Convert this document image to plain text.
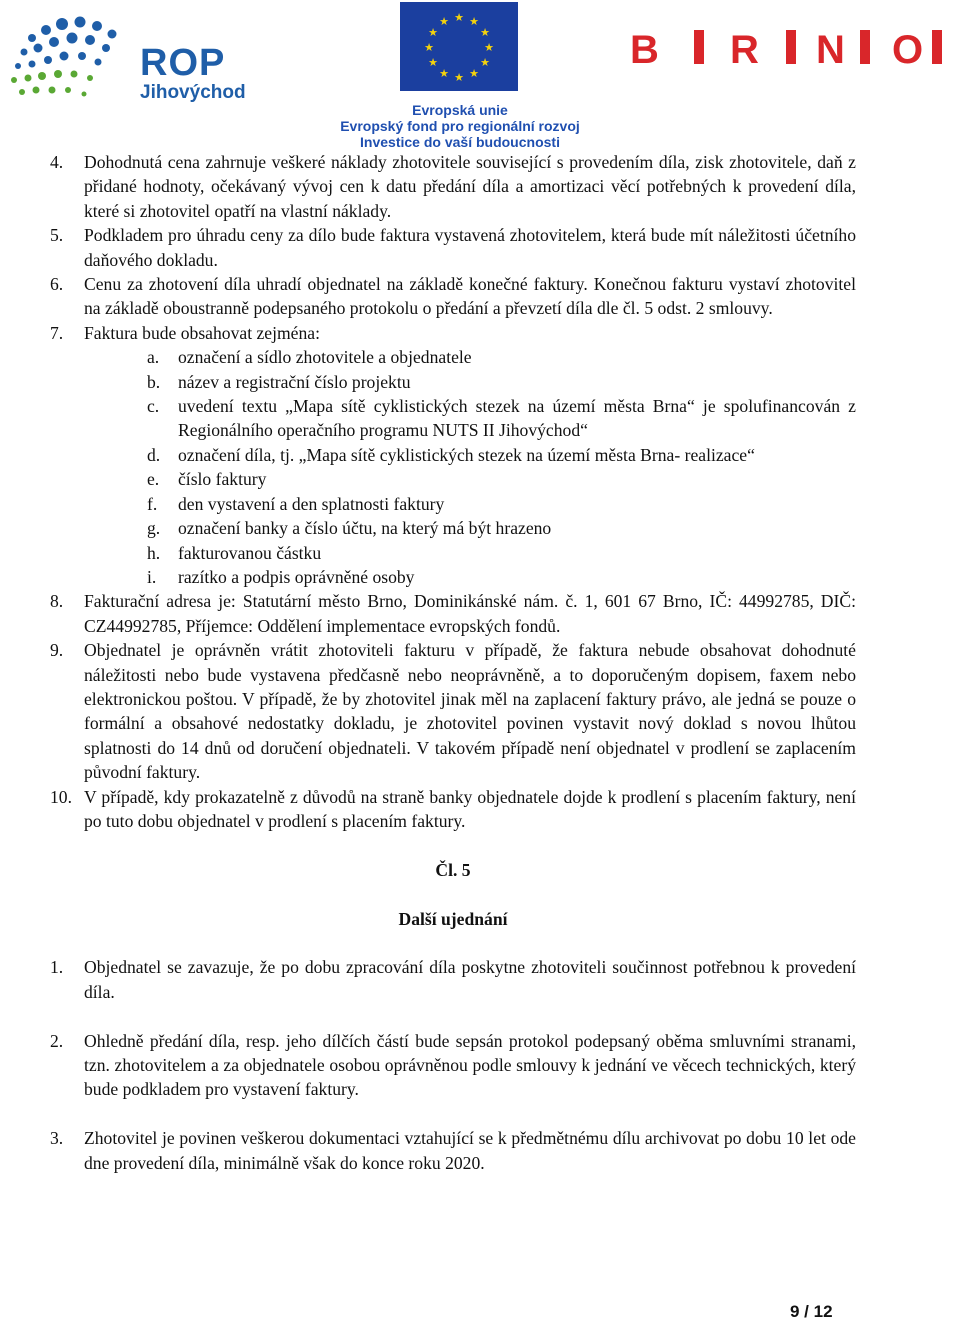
ROP
Jihovýchod
★ ★
★
★
★
★
★
★
★
★
★
★
B R N O
Evropská unie
Evropský fond pro regionální rozvoj
Investice do vaší budoucnosti
4.	Dohodnutá cena zahrnuje veškeré náklady zhotovitele související s provedením díla, zisk zhotovitele, daň z přidané hodnoty, očekávaný vývoj cen k datu předání díla a amortizaci věcí potřebných k provedení díla, které si zhotovitel opatří na vlastní náklady.
5.	Podkladem pro úhradu ceny za dílo bude faktura vystavená zhotovitelem, která bude mít náležitosti účetního daňového dokladu.
6.	Cenu za zhotovení díla uhradí objednatel na základě konečné faktury. Konečnou fakturu vystaví zhotovitel na základě oboustranně podepsaného protokolu o předání a převzetí díla dle čl. 5 odst. 2 smlouvy.
7.	Faktura bude obsahovat zejména:
a.	označení a sídlo zhotovitele a objednatele
b.	název a registrační číslo projektu
c.	uvedení textu „Mapa sítě cyklistických stezek na území města Brna“ je spolufinancován z Regionálního operačního programu NUTS II Jihovýchod“
d.	označení díla, tj. „Mapa sítě cyklistických stezek na území města Brna- realizace“
e.	číslo faktury
f.	den vystavení a den splatnosti faktury
g.	označení banky a číslo účtu, na který má být hrazeno
h.	fakturovanou částku
i.	razítko a podpis oprávněné osoby
8.	Fakturační adresa je: Statutární město Brno, Dominikánské nám. č. 1, 601 67 Brno, IČ: 44992785, DIČ: CZ44992785, Příjemce: Oddělení implementace evropských fondů.
9.	Objednatel je oprávněn vrátit zhotoviteli fakturu v případě, že faktura nebude obsahovat dohodnuté náležitosti nebo bude vystavena předčasně nebo neoprávněně, a to doporučeným dopisem, faxem nebo elektronickou poštou. V případě, že by zhotovitel jinak měl na zaplacení faktury právo, ale jedná se pouze o formální a obsahové nedostatky dokladu, je zhotovitel povinen vystavit nový doklad s novou lhůtou splatnosti do 14 dnů od doručení objednateli. V takovém případě není objednatel v prodlení se zaplacením původní faktury.
10. V případě, kdy prokazatelně z důvodů na straně banky objednatele dojde k prodlení s placením faktury, není po tuto dobu objednatel v prodlení s placením faktury.
Čl. 5
Další ujednání
1.	Objednatel se zavazuje, že po dobu zpracování díla poskytne zhotoviteli součinnost potřebnou k provedení díla.
2.	Ohledně předání díla, resp. jeho dílčích částí bude sepsán protokol podepsaný oběma smluvními stranami, tzn. zhotovitelem a za objednatele osobou oprávněnou podle smlouvy k jednání ve věcech technických, který bude podkladem pro vystavení faktury.
3.	Zhotovitel je povinen veškerou dokumentaci vztahující se k předmětnému dílu archivovat po dobu 10 let ode dne provedení díla, minimálně však do konce roku 2020.
9 / 12
